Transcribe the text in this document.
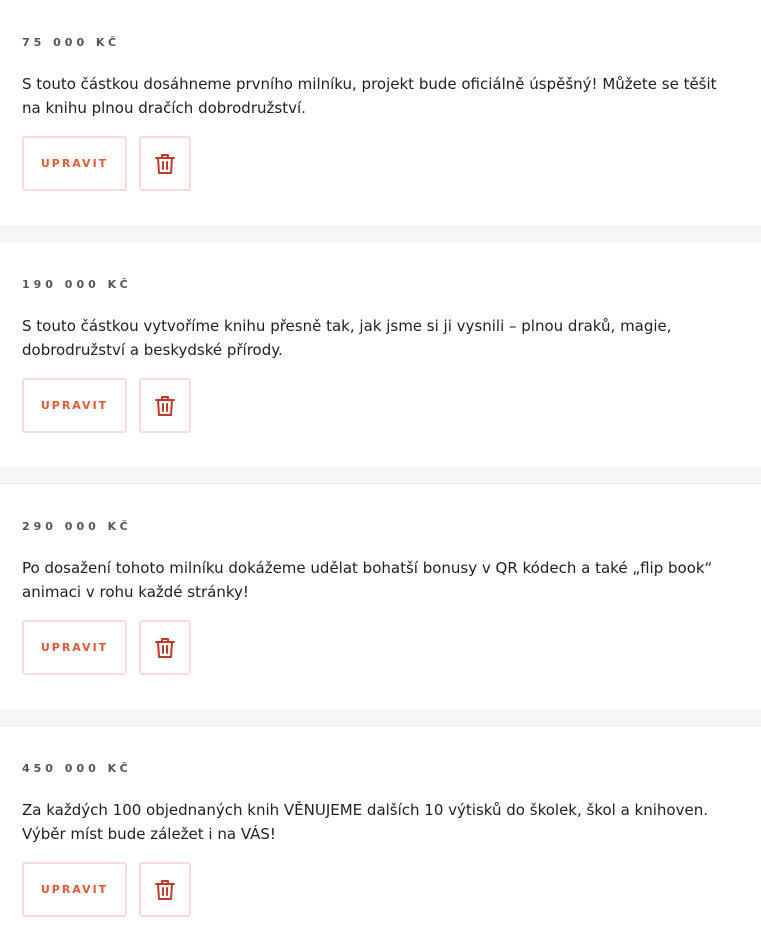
75 000 KČ
S touto částkou dosáhneme prvního milníku, projekt bude oficiálně úspěšný! Můžete se těšit na knihu plnou dračích dobrodružství.
UPRAVIT
190 000 KČ
S touto částkou vytvoříme knihu přesně tak, jak jsme si ji vysnili – plnou draků, magie, dobrodružství a beskydské přírody.
UPRAVIT
290 000 KČ
Po dosažení tohoto milníku dokážeme udělat bohatší bonusy v QR kódech a také „flip book“ animaci v rohu každé stránky!
UPRAVIT
450 000 KČ
Za každých 100 objednaných knih VĚNUJEME dalších 10 výtisků do školek, škol a knihoven. Výběr míst bude záležet i na VÁS!
UPRAVIT
